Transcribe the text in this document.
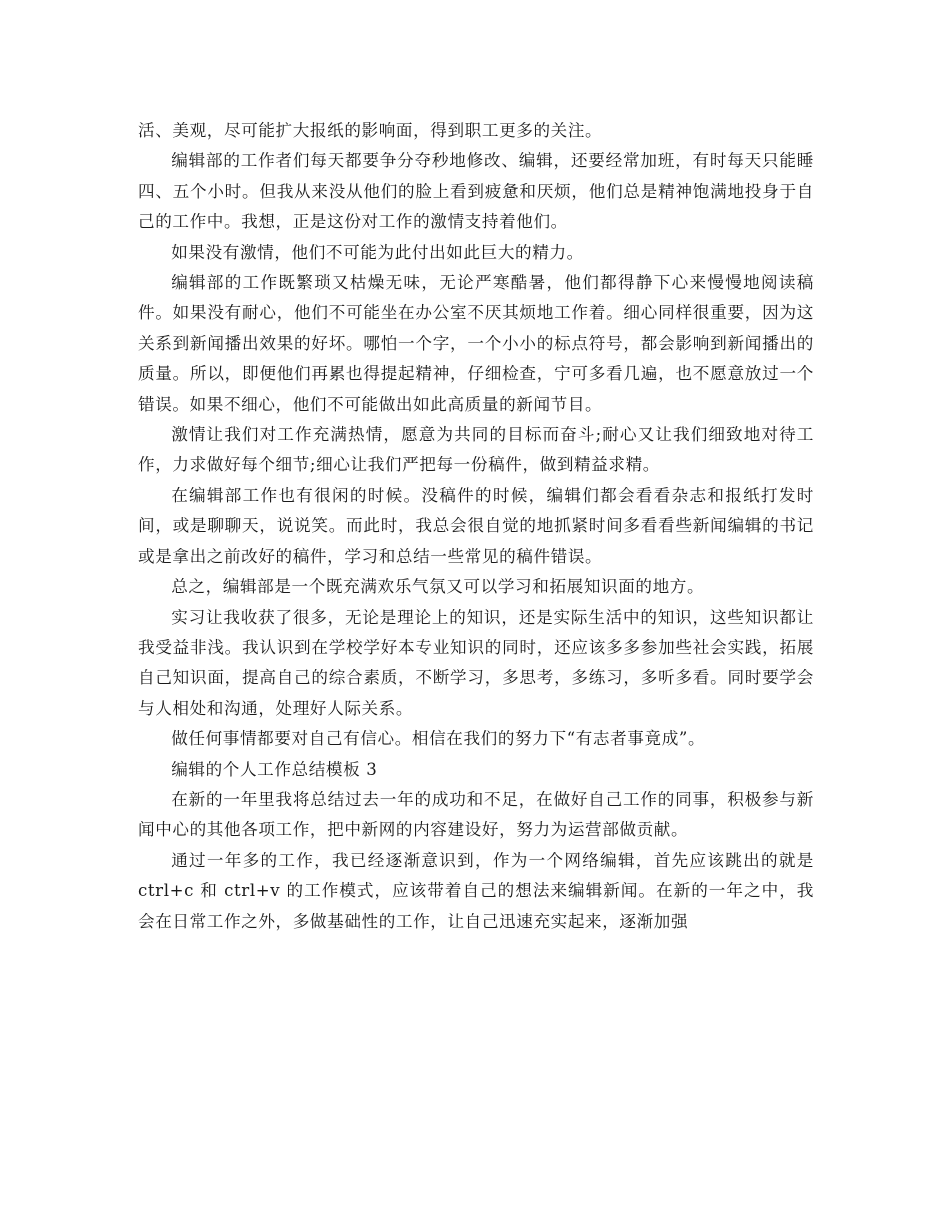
活、美观，尽可能扩大报纸的影响面，得到职工更多的关注。

编辑部的工作者们每天都要争分夺秒地修改、编辑，还要经常加班，有时每天只能睡四、五个小时。但我从来没从他们的脸上看到疲惫和厌烦，他们总是精神饱满地投身于自己的工作中。我想，正是这份对工作的激情支持着他们。

如果没有激情，他们不可能为此付出如此巨大的精力。

编辑部的工作既繁琐又枯燥无味，无论严寒酷暑，他们都得静下心来慢慢地阅读稿件。如果没有耐心，他们不可能坐在办公室不厌其烦地工作着。细心同样很重要，因为这关系到新闻播出效果的好坏。哪怕一个字，一个小小的标点符号，都会影响到新闻播出的质量。所以，即便他们再累也得提起精神，仔细检查，宁可多看几遍，也不愿意放过一个错误。如果不细心，他们不可能做出如此高质量的新闻节目。

激情让我们对工作充满热情，愿意为共同的目标而奋斗;耐心又让我们细致地对待工作，力求做好每个细节;细心让我们严把每一份稿件，做到精益求精。

在编辑部工作也有很闲的时候。没稿件的时候，编辑们都会看看杂志和报纸打发时间，或是聊聊天，说说笑。而此时，我总会很自觉的地抓紧时间多看看些新闻编辑的书记或是拿出之前改好的稿件，学习和总结一些常见的稿件错误。

总之，编辑部是一个既充满欢乐气氛又可以学习和拓展知识面的地方。

实习让我收获了很多，无论是理论上的知识，还是实际生活中的知识，这些知识都让我受益非浅。我认识到在学校学好本专业知识的同时，还应该多多参加些社会实践，拓展自己知识面，提高自己的综合素质，不断学习，多思考，多练习，多听多看。同时要学会与人相处和沟通，处理好人际关系。

做任何事情都要对自己有信心。相信在我们的努力下“有志者事竟成”。

编辑的个人工作总结模板 3

在新的一年里我将总结过去一年的成功和不足，在做好自己工作的同事，积极参与新闻中心的其他各项工作，把中新网的内容建设好，努力为运营部做贡献。

通过一年多的工作，我已经逐渐意识到，作为一个网络编辑，首先应该跳出的就是 ctrl+c 和 ctrl+v 的工作模式，应该带着自己的想法来编辑新闻。在新的一年之中，我会在日常工作之外，多做基础性的工作，让自己迅速充实起来，逐渐加强
